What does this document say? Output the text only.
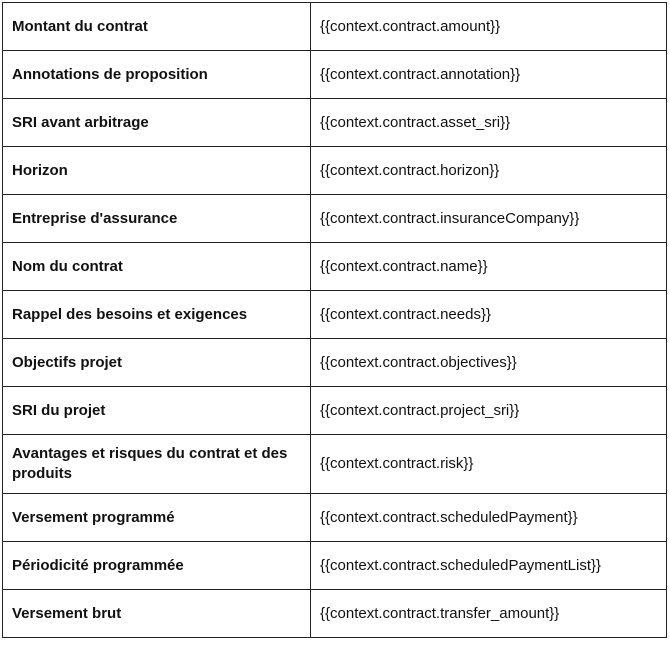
Montant du contrat	{{context.contract.amount}}
Annotations de proposition	{{context.contract.annotation}}
SRI avant arbitrage	{{context.contract.asset_sri}}
Horizon	{{context.contract.horizon}}
Entreprise d'assurance	{{context.contract.insuranceCompany}}
Nom du contrat	{{context.contract.name}}
Rappel des besoins et exigences	{{context.contract.needs}}
Objectifs projet	{{context.contract.objectives}}
SRI du projet	{{context.contract.project_sri}}
Avantages et risques du contrat et des produits	{{context.contract.risk}}
Versement programmé	{{context.contract.scheduledPayment}}
Périodicité programmée	{{context.contract.scheduledPaymentList}}
Versement brut	{{context.contract.transfer_amount}}
